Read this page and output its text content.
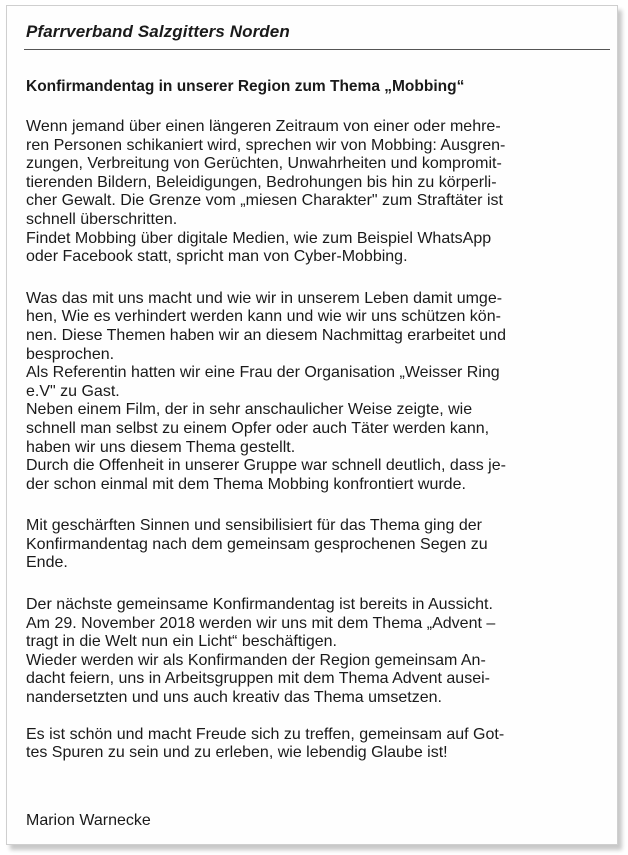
Pfarrverband Salzgitters Norden
Konfirmandentag in unserer Region zum Thema „Mobbing“
Wenn jemand über einen längeren Zeitraum von einer oder mehre-
ren Personen schikaniert wird, sprechen wir von Mobbing: Ausgren-
zungen, Verbreitung von Gerüchten, Unwahrheiten und kompromit-
tierenden Bildern, Beleidigungen, Bedrohungen bis hin zu körperli-
cher Gewalt. Die Grenze vom „miesen Charakter" zum Straftäter ist
schnell überschritten.
Findet Mobbing über digitale Medien, wie zum Beispiel WhatsApp
oder Facebook statt, spricht man von Cyber-Mobbing.
Was das mit uns macht und wie wir in unserem Leben damit umge-
hen, Wie es verhindert werden kann und wie wir uns schützen kön-
nen. Diese Themen haben wir an diesem Nachmittag erarbeitet und
besprochen.
Als Referentin hatten wir eine Frau der Organisation „Weisser Ring
e.V" zu Gast.
Neben einem Film, der in sehr anschaulicher Weise zeigte, wie
schnell man selbst zu einem Opfer oder auch Täter werden kann,
haben wir uns diesem Thema gestellt.
Durch die Offenheit in unserer Gruppe war schnell deutlich, dass je-
der schon einmal mit dem Thema Mobbing konfrontiert wurde.
Mit geschärften Sinnen und sensibilisiert für das Thema ging der
Konfirmandentag nach dem gemeinsam gesprochenen Segen zu
Ende.
Der nächste gemeinsame Konfirmandentag ist bereits in Aussicht.
Am 29. November 2018 werden wir uns mit dem Thema „Advent –
tragt in die Welt nun ein Licht“ beschäftigen.
Wieder werden wir als Konfirmanden der Region gemeinsam An-
dacht feiern, uns in Arbeitsgruppen mit dem Thema Advent ausei-
nandersetzten und uns auch kreativ das Thema umsetzen.
Es ist schön und macht Freude sich zu treffen, gemeinsam auf Got-
tes Spuren zu sein und zu erleben, wie lebendig Glaube ist!
Marion Warnecke
